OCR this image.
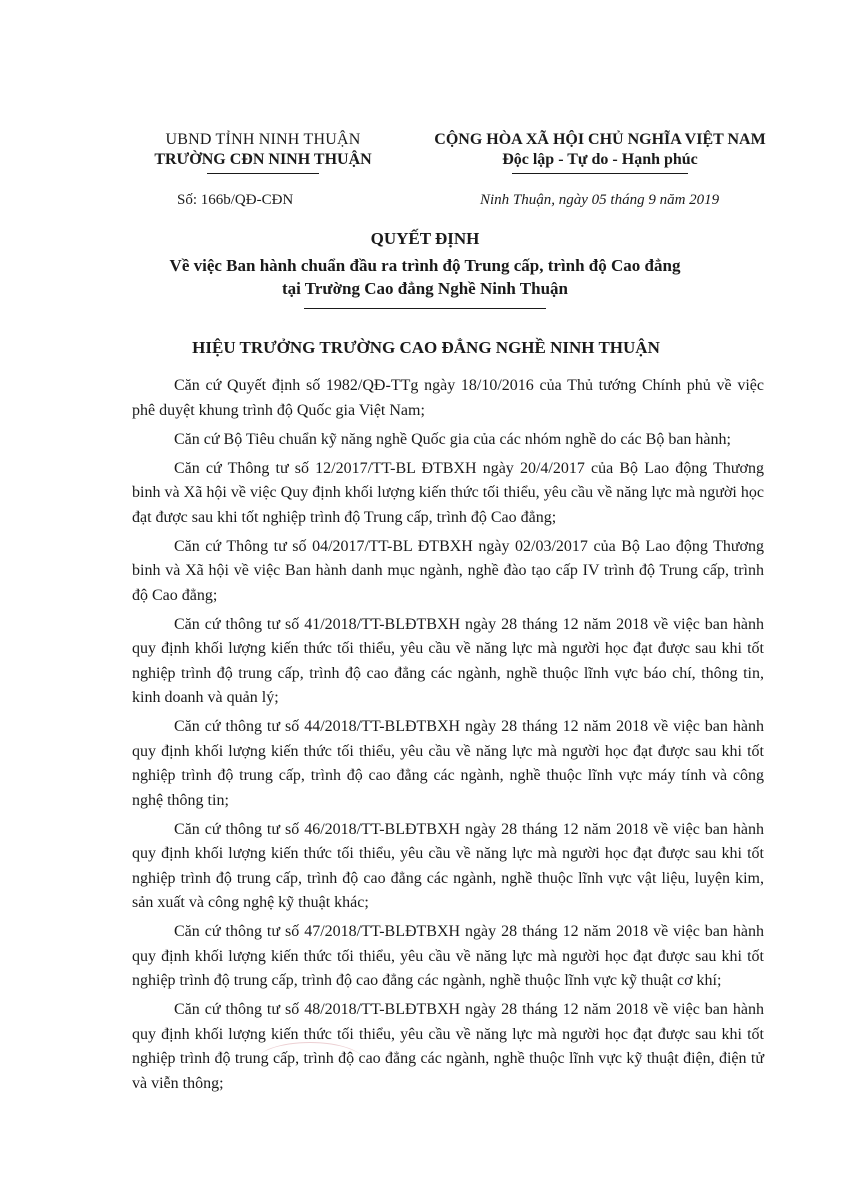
UBND TỈNH NINH THUẬN
TRƯỜNG CĐN NINH THUẬN
CỘNG HÒA XÃ HỘI CHỦ NGHĨA VIỆT NAM
Độc lập - Tự do - Hạnh phúc
Số: 166b/QĐ-CĐN	Ninh Thuận, ngày 05 tháng 9 năm 2019
QUYẾT ĐỊNH
Về việc Ban hành chuẩn đầu ra trình độ Trung cấp, trình độ Cao đẳng
tại Trường Cao đẳng Nghề Ninh Thuận
HIỆU TRƯỞNG TRƯỜNG CAO ĐẲNG NGHỀ NINH THUẬN

Căn cứ Quyết định số 1982/QĐ-TTg ngày 18/10/2016 của Thủ tướng Chính phủ về việc phê duyệt khung trình độ Quốc gia Việt Nam;

Căn cứ Bộ Tiêu chuẩn kỹ năng nghề Quốc gia của các nhóm nghề do các Bộ ban hành;

Căn cứ Thông tư số 12/2017/TT-BL ĐTBXH ngày 20/4/2017 của Bộ Lao động Thương binh và Xã hội về việc Quy định khối lượng kiến thức tối thiểu, yêu cầu về năng lực mà người học đạt được sau khi tốt nghiệp trình độ Trung cấp, trình độ Cao đẳng;

Căn cứ Thông tư số 04/2017/TT-BL ĐTBXH ngày 02/03/2017 của Bộ Lao động Thương binh và Xã hội về việc Ban hành danh mục ngành, nghề đào tạo cấp IV trình độ Trung cấp, trình độ Cao đẳng;

Căn cứ thông tư số 41/2018/TT-BLĐTBXH ngày 28 tháng 12 năm 2018 về việc ban hành quy định khối lượng kiến thức tối thiểu, yêu cầu về năng lực mà người học đạt được sau khi tốt nghiệp trình độ trung cấp, trình độ cao đẳng các ngành, nghề thuộc lĩnh vực báo chí, thông tin, kinh doanh và quản lý;

Căn cứ thông tư số 44/2018/TT-BLĐTBXH ngày 28 tháng 12 năm 2018 về việc ban hành quy định khối lượng kiến thức tối thiểu, yêu cầu về năng lực mà người học đạt được sau khi tốt nghiệp trình độ trung cấp, trình độ cao đẳng các ngành, nghề thuộc lĩnh vực máy tính và công nghệ thông tin;

Căn cứ thông tư số 46/2018/TT-BLĐTBXH ngày 28 tháng 12 năm 2018 về việc ban hành quy định khối lượng kiến thức tối thiểu, yêu cầu về năng lực mà người học đạt được sau khi tốt nghiệp trình độ trung cấp, trình độ cao đẳng các ngành, nghề thuộc lĩnh vực vật liệu, luyện kim, sản xuất và công nghệ kỹ thuật khác;

Căn cứ thông tư số 47/2018/TT-BLĐTBXH ngày 28 tháng 12 năm 2018 về việc ban hành quy định khối lượng kiến thức tối thiểu, yêu cầu về năng lực mà người học đạt được sau khi tốt nghiệp trình độ trung cấp, trình độ cao đẳng các ngành, nghề thuộc lĩnh vực kỹ thuật cơ khí;

Căn cứ thông tư số 48/2018/TT-BLĐTBXH ngày 28 tháng 12 năm 2018 về việc ban hành quy định khối lượng kiến thức tối thiểu, yêu cầu về năng lực mà người học đạt được sau khi tốt nghiệp trình độ trung cấp, trình độ cao đẳng các ngành, nghề thuộc lĩnh vực kỹ thuật điện, điện tử và viễn thông;
